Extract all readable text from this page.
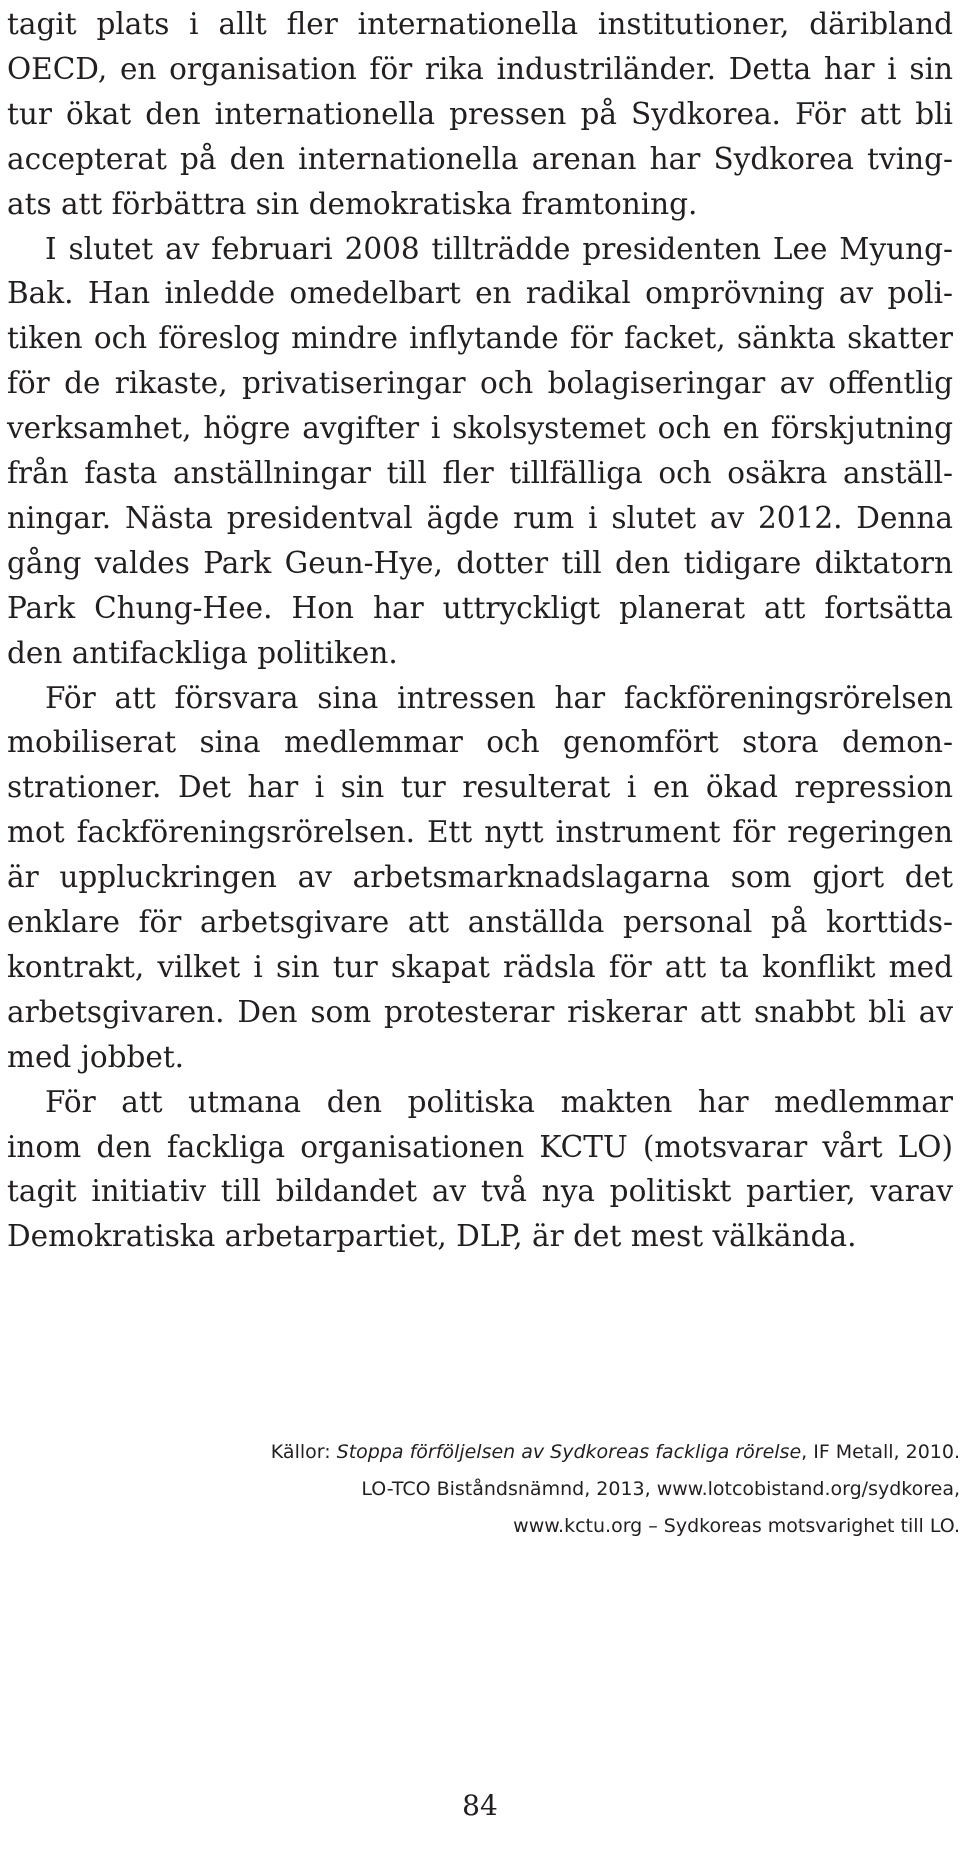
tagit plats i allt fler internationella institutioner, däribland
OECD, en organisation för rika industriländer. Detta har i sin
tur ökat den internationella pressen på Sydkorea. För att bli
accepterat på den internationella arenan har Sydkorea tving-
ats att förbättra sin demokratiska framtoning.
I slutet av februari 2008 tillträdde presidenten Lee Myung-
Bak. Han inledde omedelbart en radikal omprövning av poli-
tiken och föreslog mindre inflytande för facket, sänkta skatter
för de rikaste, privatiseringar och bolagiseringar av offentlig
verksamhet, högre avgifter i skolsystemet och en förskjutning
från fasta anställningar till fler tillfälliga och osäkra anställ-
ningar. Nästa presidentval ägde rum i slutet av 2012. Denna
gång valdes Park Geun-Hye, dotter till den tidigare diktatorn
Park Chung-Hee. Hon har uttryckligt planerat att fortsätta
den antifackliga politiken.
För att försvara sina intressen har fackföreningsrörelsen
mobiliserat sina medlemmar och genomfört stora demon-
strationer. Det har i sin tur resulterat i en ökad repression
mot fackföreningsrörelsen. Ett nytt instrument för regeringen
är uppluckringen av arbetsmarknadslagarna som gjort det
enklare för arbetsgivare att anställda personal på korttids-
kontrakt, vilket i sin tur skapat rädsla för att ta konflikt med
arbetsgivaren. Den som protesterar riskerar att snabbt bli av
med jobbet.
För att utmana den politiska makten har medlemmar
inom den fackliga organisationen KCTU (motsvarar vårt LO)
tagit initiativ till bildandet av två nya politiskt partier, varav
Demokratiska arbetarpartiet, DLP, är det mest välkända.
84
Källor: Stoppa förföljelsen av Sydkoreas fackliga rörelse, IF Metall, 2010.
LO-TCO Biståndsnämnd, 2013, www.lotcobistand.org/sydkorea,
www.kctu.org – Sydkoreas motsvarighet till LO.
